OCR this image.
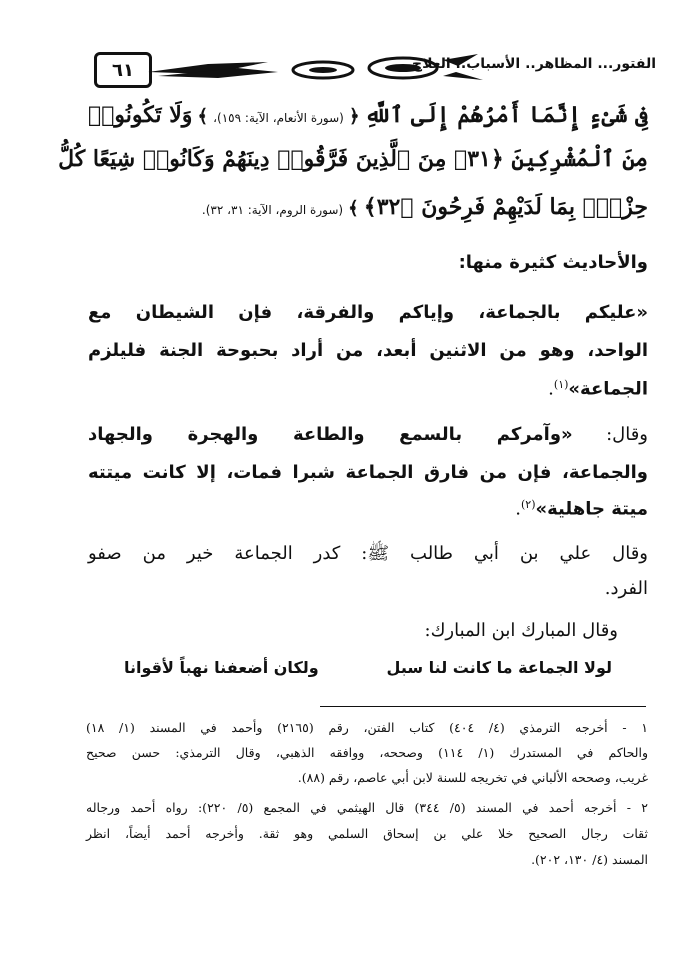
٦١	الفتور... المظاهر.. الأسباب.. العلاج
فِى شَىْءٍ إِنَّمَا أَمْرُهُمْ إِلَى ٱللَّهِ ﴿ (سورة الأنعام، الآية: ١٥٩)، ﴾ وَلَا تَكُونُوا۟
مِنَ ٱلْمُشْرِكِينَ ﴿٣١﴾ مِنَ ٱلَّذِينَ فَرَّقُوا۟ دِينَهُمْ وَكَانُوا۟ شِيَعًا كُلُّ
حِزْبٍۭ بِمَا لَدَيْهِمْ فَرِحُونَ ﴿٣٢﴾ ﴾ (سورة الروم، الآية: ٣١، ٣٢).
والأحاديث كثيرة منها:
«عليكم بالجماعة، وإياكم والفرقة، فإن الشيطان مع
الواحد، وهو من الاثنين أبعد، من أراد بحبوحة الجنة فليلزم
الجماعة»$^{(١)}$.
وقال: «وآمركم بالسمع والطاعة والهجرة والجهاد
والجماعة، فإن من فارق الجماعة شبرا فمات، إلا كانت ميتته
ميتة جاهلية»$^{(٢)}$.
وقال علي بن أبي طالب ﷺ: كدر الجماعة خير من صفو
الفرد.
وقال المبارك ابن المبارك:
لولا الجماعة ما كانت لنا سبل
ولكان أضعفنا نهباً لأقوانا
١ - أخرجه الترمذي (٤/ ٤٠٤) كتاب الفتن، رقم (٢١٦٥) وأحمد في المسند (١/ ١٨)
والحاكم في المستدرك (١/ ١١٤) وصححه، ووافقه الذهبي، وقال الترمذي: حسن صحيح
غريب، وصححه الألباني في تخريجه للسنة لابن أبي عاصم، رقم (٨٨).
٢ - أخرجه أحمد في المسند (٥/ ٣٤٤) قال الهيثمي في المجمع (٥/ ٢٢٠): رواه أحمد ورجاله
ثقات رجال الصحيح خلا علي بن إسحاق السلمي وهو ثقة. وأخرجه أحمد أيضاً، انظر
المسند (٤/ ١٣٠، ٢٠٢).
